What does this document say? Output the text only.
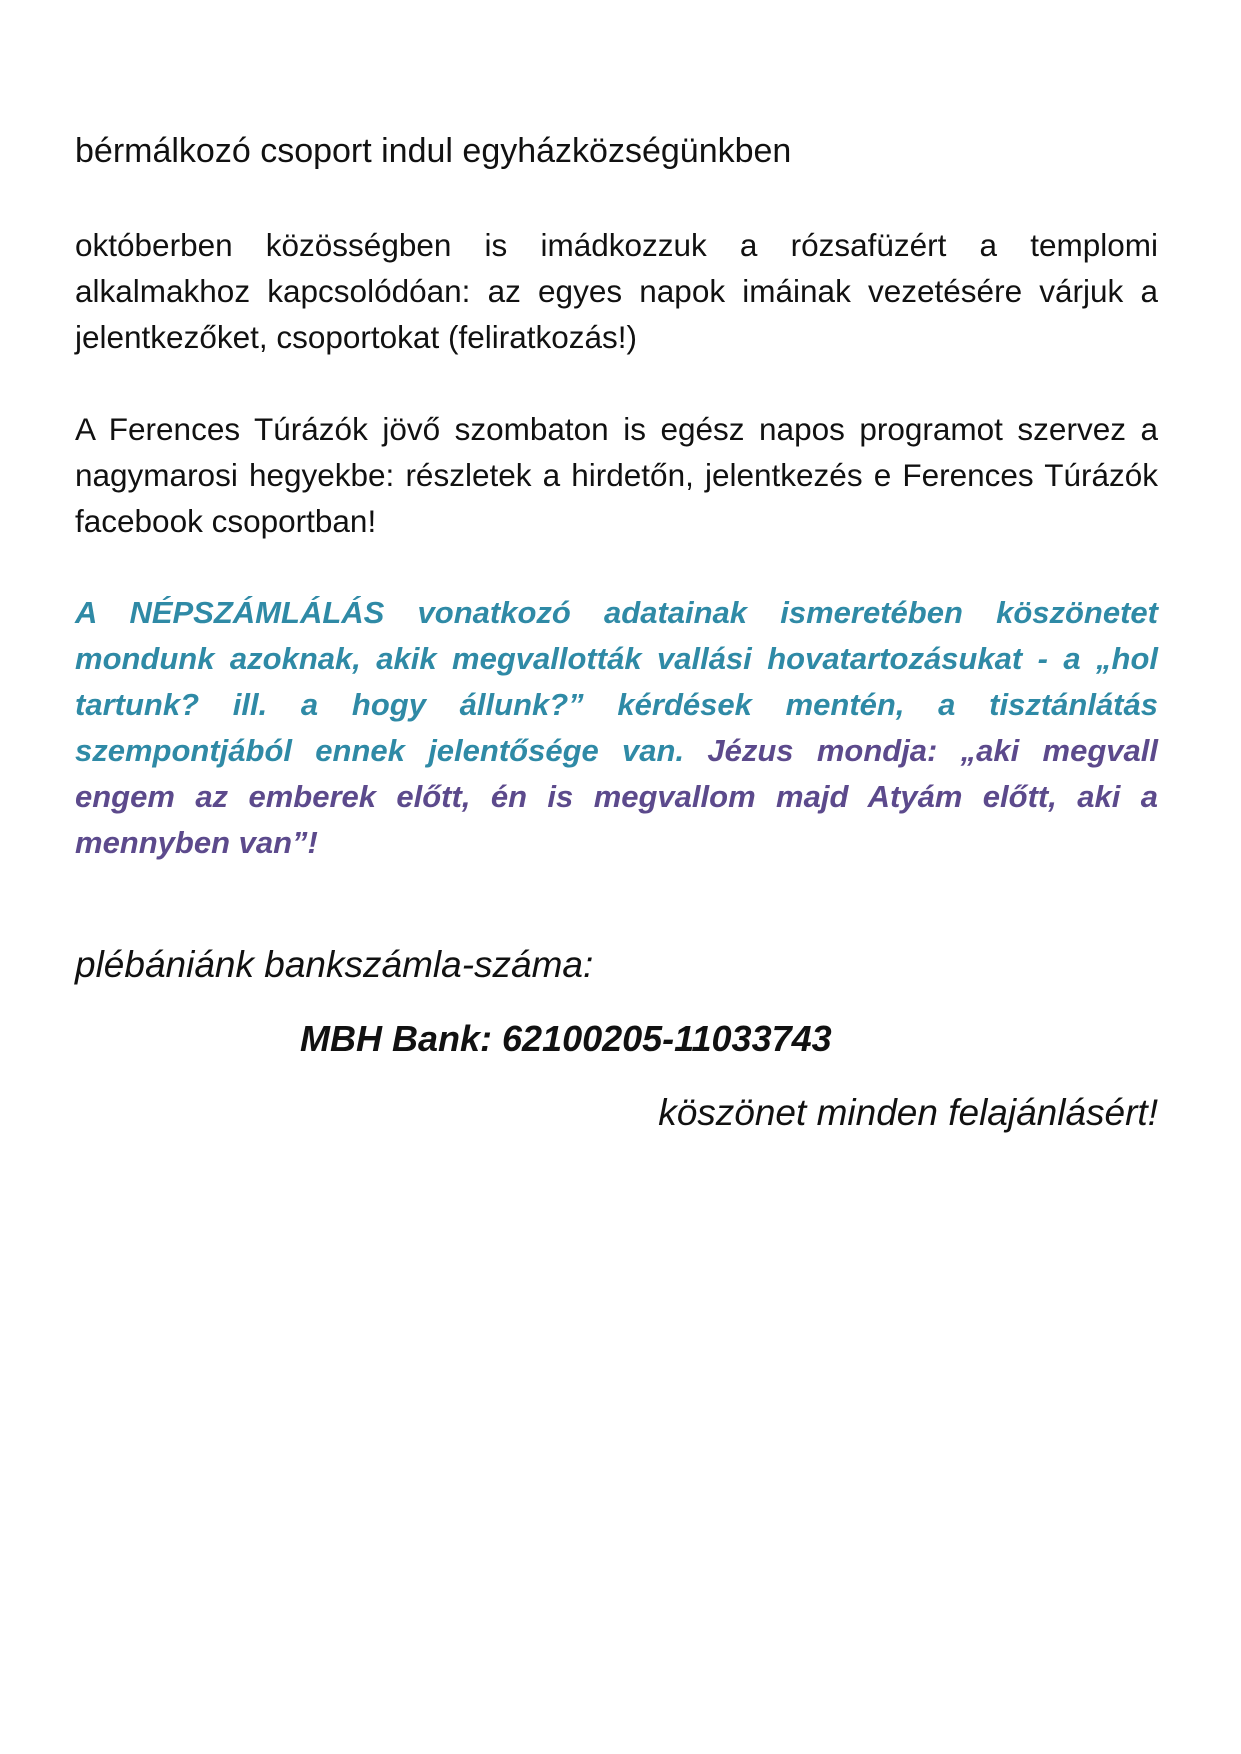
bérmálkozó csoport indul egyházközségünkben

októberben közösségben is imádkozzuk a rózsafüzért a templomi alkalmakhoz kapcsolódóan: az egyes napok imáinak vezetésére várjuk a jelentkezőket, csoportokat (feliratkozás!)

A Ferences Túrázók jövő szombaton is egész napos programot szervez a nagymarosi hegyekbe: részletek a hirdetőn, jelentkezés e Ferences Túrázók facebook csoportban!

A NÉPSZÁMLÁLÁS vonatkozó adatainak ismeretében köszönetet mondunk azoknak, akik megvallották vallási hovatartozásukat - a „hol tartunk? ill. a hogy állunk?” kérdések mentén, a tisztánlátás szempontjából ennek jelentősége van. Jézus mondja: „aki megvall engem az emberek előtt, én is megvallom majd Atyám előtt, aki a mennyben van”!

plébániánk bankszámla-száma:

MBH Bank: 62100205-11033743

köszönet minden felajánlásért!
